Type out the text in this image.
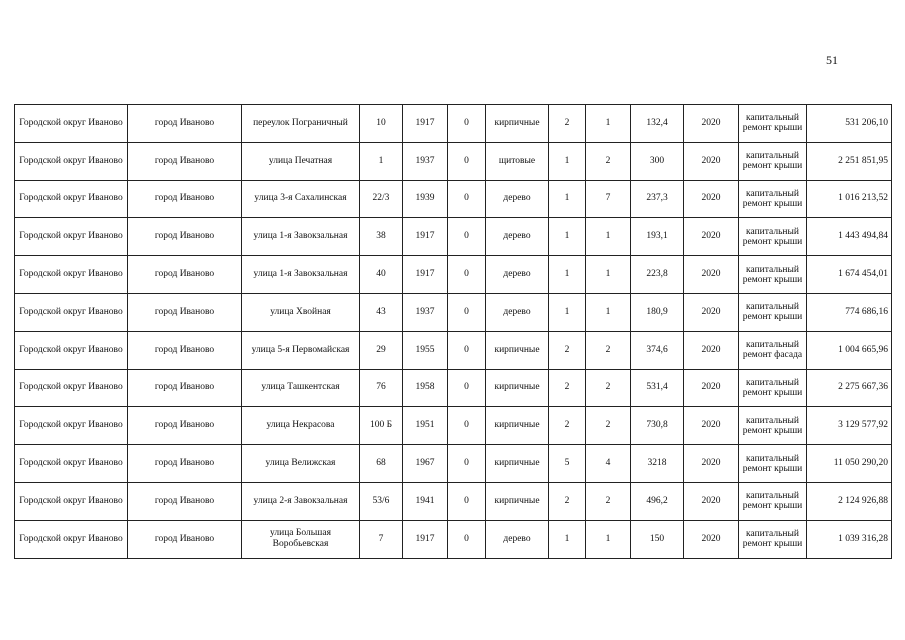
51
Городской округ Иваново	город Иваново	переулок Пограничный	10	1917	0	кирпичные	2	1	132,4	2020	капитальный ремонт крыши	531 206,10
Городской округ Иваново	город Иваново	улица Печатная	1	1937	0	щитовые	1	2	300	2020	капитальный ремонт крыши	2 251 851,95
Городской округ Иваново	город Иваново	улица 3-я Сахалинская	22/3	1939	0	дерево	1	7	237,3	2020	капитальный ремонт крыши	1 016 213,52
Городской округ Иваново	город Иваново	улица 1-я Завокзальная	38	1917	0	дерево	1	1	193,1	2020	капитальный ремонт крыши	1 443 494,84
Городской округ Иваново	город Иваново	улица 1-я Завокзальная	40	1917	0	дерево	1	1	223,8	2020	капитальный ремонт крыши	1 674 454,01
Городской округ Иваново	город Иваново	улица Хвойная	43	1937	0	дерево	1	1	180,9	2020	капитальный ремонт крыши	774 686,16
Городской округ Иваново	город Иваново	улица 5-я Первомайская	29	1955	0	кирпичные	2	2	374,6	2020	капитальный ремонт фасада	1 004 665,96
Городской округ Иваново	город Иваново	улица Ташкентская	76	1958	0	кирпичные	2	2	531,4	2020	капитальный ремонт крыши	2 275 667,36
Городской округ Иваново	город Иваново	улица Некрасова	100 Б	1951	0	кирпичные	2	2	730,8	2020	капитальный ремонт крыши	3 129 577,92
Городской округ Иваново	город Иваново	улица Велижская	68	1967	0	кирпичные	5	4	3218	2020	капитальный ремонт крыши	11 050 290,20
Городской округ Иваново	город Иваново	улица 2-я Завокзальная	53/6	1941	0	кирпичные	2	2	496,2	2020	капитальный ремонт крыши	2 124 926,88
Городской округ Иваново	город Иваново	улица Большая Воробьевская	7	1917	0	дерево	1	1	150	2020	капитальный ремонт крыши	1 039 316,28
